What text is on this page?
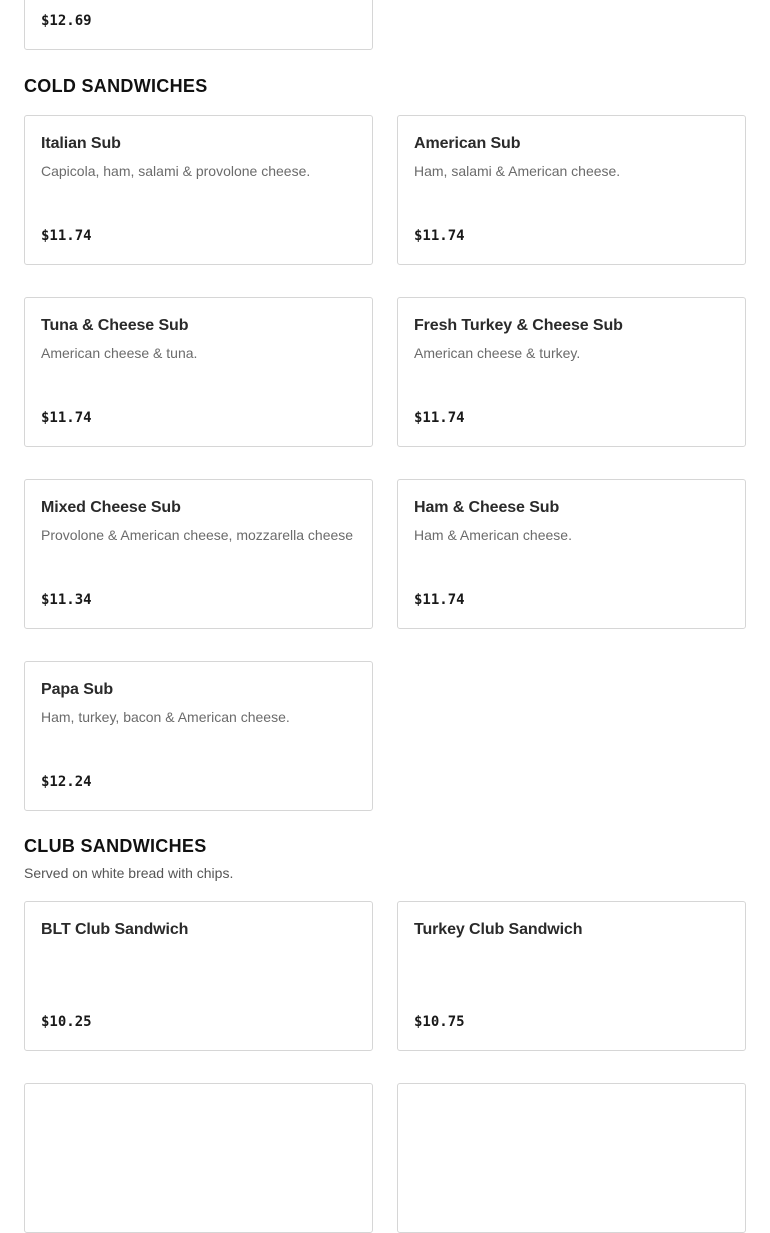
$12.69
COLD SANDWICHES
Italian Sub
Capicola, ham, salami & provolone cheese.
$11.74
American Sub
Ham, salami & American cheese.
$11.74
Tuna & Cheese Sub
American cheese & tuna.
$11.74
Fresh Turkey & Cheese Sub
American cheese & turkey.
$11.74
Mixed Cheese Sub
Provolone & American cheese, mozzarella cheese
$11.34
Ham & Cheese Sub
Ham & American cheese.
$11.74
Papa Sub
Ham, turkey, bacon & American cheese.
$12.24
CLUB SANDWICHES
Served on white bread with chips.
BLT Club Sandwich
$10.25
Turkey Club Sandwich
$10.75
